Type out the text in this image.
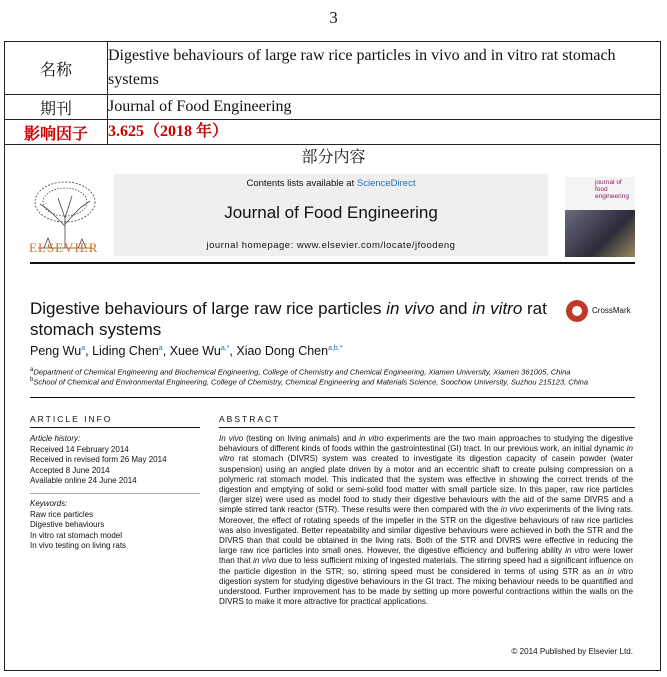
3
名称	Digestive behaviours of large raw rice particles in vivo and in vitro rat stomach systems
期刊	Journal of Food Engineering
影响因子	3.625（2018 年）
部分内容
ELSEVIER
Contents lists available at ScienceDirect
Journal of Food Engineering
journal homepage: www.elsevier.com/locate/jfoodeng
journal of food engineering
Digestive behaviours of large raw rice particles in vivo and in vitro rat stomach systems
CrossMark
Peng Wu$^a$, Liding Chen$^a$, Xuee $Wu^{a,*}$, Xiao Dong Chen$^{a,b,*}$
$^a$Department of Chemical Engineering and Biochemical Engineering, College of Chemistry and Chemical Engineering, Xiamen University, Xiamen 361005, China
$^b$School of Chemical and Environmental Engineering, College of Chemistry, Chemical Engineering and Materials Science, Soochow University, Suzhou 215123, China
ARTICLE INFO	ABSTRACT
Article history:
Received 14 February 2014
Received in revised form 26 May 2014
Accepted 8 June 2014
Available online 24 June 2014
Keywords:
Raw rice particles
Digestive behaviours
In vitro rat stomach model
In vivo testing on living rats
In vivo (testing on living animals) and in vitro experiments are the two main approaches to studying the digestive behaviours of different kinds of foods within the gastrointestinal (GI) tract. In our previous work, an initial dynamic in vitro rat stomach (DIVRS) system was created to investigate its digestion capacity of casein powder (water suspension) using an angled plate driven by a motor and an eccentric shaft to create pulsing compression on a polymeric rat stomach model. This indicated that the system was effective in showing the correct trends of the digestion and emptying of solid or semi-solid food matter with small particle size. In this paper, raw rice particles (larger size) were used as model food to study their digestive behaviours with the aid of the same DIVRS and a simple stirred tank reactor (STR). These results were then compared with the in vivo experiments of the living rats. Moreover, the effect of rotating speeds of the impeller in the STR on the digestive behaviours of raw rice particles was also investigated. Better repeatability and similar digestive behaviours were achieved in both the STR and the DIVRS than that could be obtained in the living rats. Both of the STR and DIVRS were effective in reducing the large raw rice particles into small ones. However, the digestive efficiency and buffering ability in vitro were lower than that in vivo due to less sufficient mixing of ingested materials. The stirring speed had a significant influence on the particle digestion in the STR; so, stirring speed must be considered in terms of using STR as an in vitro digestion system for studying digestive behaviours in the GI tract. The mixing behaviour needs to be quantified and understood. Further improvement has to be made by setting up more powerful contractions within the walls on the DIVRS to make it more attractive for practical applications.
© 2014 Published by Elsevier Ltd.
